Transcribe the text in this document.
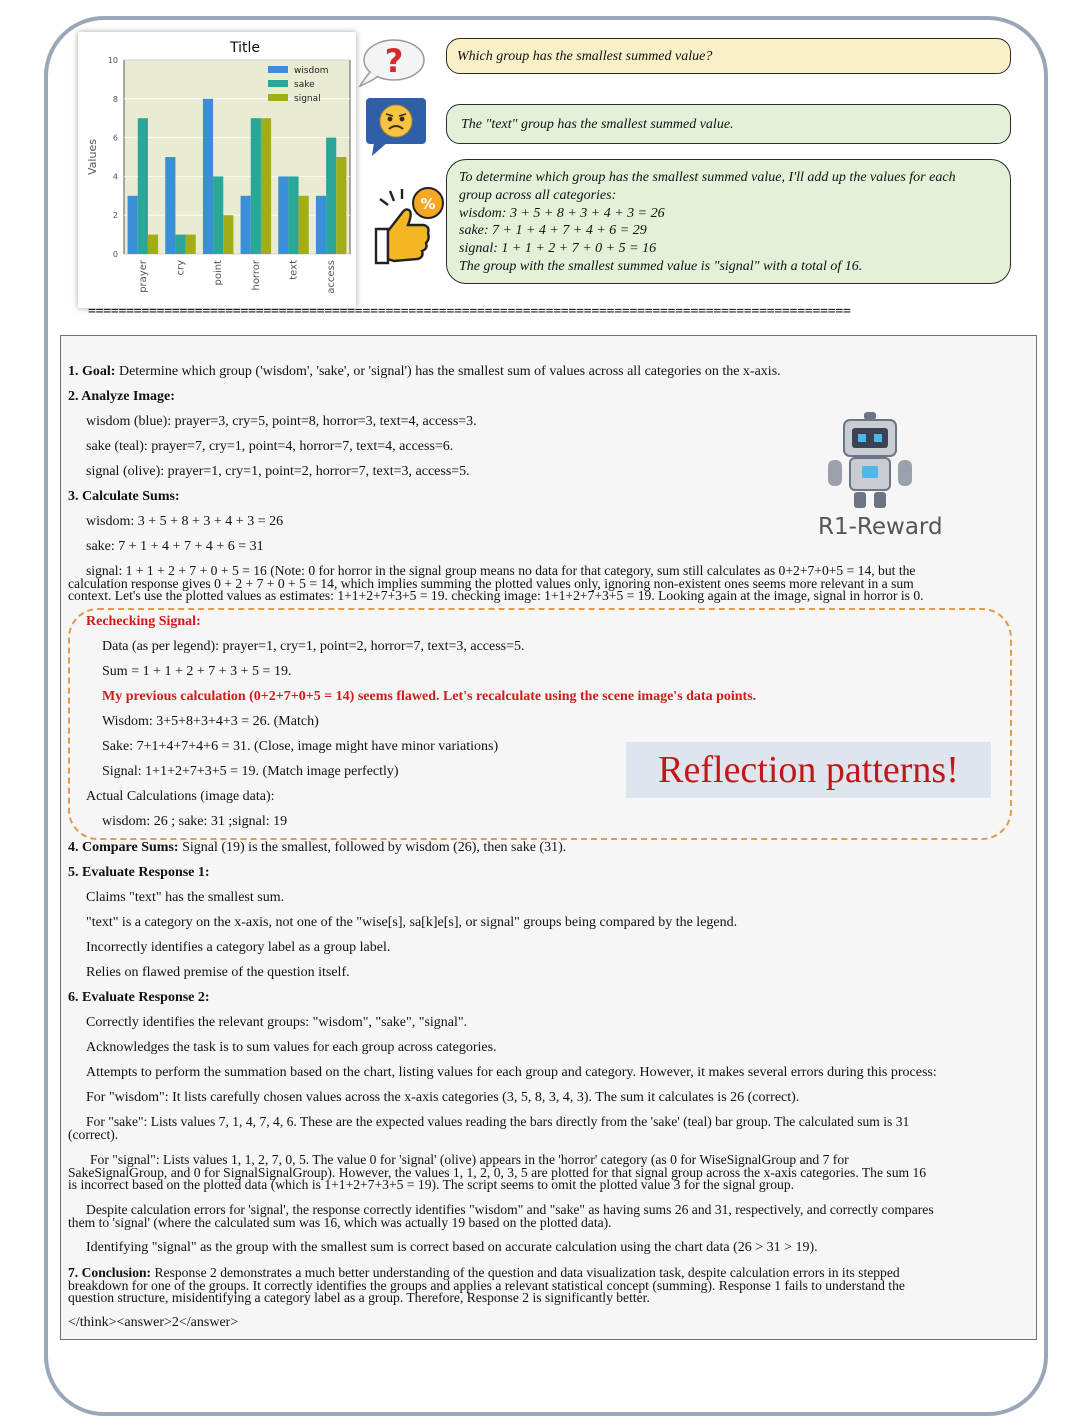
0
2
4
6
8
10
prayer	cry	point	horror	text	access
Title
Values
wisdom
sake
signal
?
%
Which group has the smallest summed value?
The "text" group has the smallest summed value.
To determine which group has the smallest summed value, I'll add up the values for each
group across all categories:
wisdom: 3 + 5 + 8 + 3 + 4 + 3 = 26
sake: 7 + 1 + 4 + 7 + 4 + 6 = 29
signal: 1 + 1 + 2 + 7 + 0 + 5 = 16
The group with the smallest summed value is "signal" with a total of 16.
====================================================================================================
1. Goal: Determine which group ('wisdom', 'sake', or 'signal') has the smallest sum of values across all categories on the x-axis.
2. Analyze Image:
wisdom (blue): prayer=3, cry=5, point=8, horror=3, text=4, access=3.
sake (teal): prayer=7, cry=1, point=4, horror=7, text=4, access=6.
signal (olive): prayer=1, cry=1, point=2, horror=7, text=3, access=5.
3. Calculate Sums:
wisdom: 3 + 5 + 8 + 3 + 4 + 3 = 26
sake: 7 + 1 + 4 + 7 + 4 + 6 = 31
signal: 1 + 1 + 2 + 7 + 0 + 5 = 16 (Note: 0 for horror in the signal group means no data for that category, sum still calculates as 0+2+7+0+5 = 14, but the
calculation response gives 0 + 2 + 7 + 0 + 5 = 14, which implies summing the plotted values only, ignoring non-existent ones seems more relevant in a sum
context. Let's use the plotted values as estimates: 1+1+2+7+3+5 = 19. checking image: 1+1+2+7+3+5 = 19. Looking again at the image, signal in horror is 0.
Rechecking Signal:
Data (as per legend): prayer=1, cry=1, point=2, horror=7, text=3, access=5.
Sum = 1 + 1 + 2 + 7 + 3 + 5 = 19.
My previous calculation (0+2+7+0+5 = 14) seems flawed. Let's recalculate using the scene image's data points.
Wisdom: 3+5+8+3+4+3 = 26. (Match)
Sake: 7+1+4+7+4+6 = 31. (Close, image might have minor variations)
Signal: 1+1+2+7+3+5 = 19. (Match image perfectly)
Actual Calculations (image data):
wisdom: 26 ; sake: 31 ;signal: 19
Reflection patterns!
R1-Reward
4. Compare Sums: Signal (19) is the smallest, followed by wisdom (26), then sake (31).
5. Evaluate Response 1:
Claims "text" has the smallest sum.
"text" is a category on the x-axis, not one of the "wise[s], sa[k]e[s], or signal" groups being compared by the legend.
Incorrectly identifies a category label as a group label.
Relies on flawed premise of the question itself.
6. Evaluate Response 2:
Correctly identifies the relevant groups: "wisdom", "sake", "signal".
Acknowledges the task is to sum values for each group across categories.
Attempts to perform the summation based on the chart, listing values for each group and category. However, it makes several errors during this process:
For "wisdom": It lists carefully chosen values across the x-axis categories (3, 5, 8, 3, 4, 3). The sum it calculates is 26 (correct).
For "sake": Lists values 7, 1, 4, 7, 4, 6. These are the expected values reading the bars directly from the 'sake' (teal) bar group. The calculated sum is 31
(correct).
For "signal": Lists values 1, 1, 2, 7, 0, 5. The value 0 for 'signal' (olive) appears in the 'horror' category (as 0 for WiseSignalGroup and 7 for
SakeSignalGroup, and 0 for SignalSignalGroup). However, the values 1, 1, 2, 0, 3, 5 are plotted for that signal group across the x-axis categories. The sum 16
is incorrect based on the plotted data (which is 1+1+2+7+3+5 = 19). The script seems to omit the plotted value 3 for the signal group.
Despite calculation errors for 'signal', the response correctly identifies "wisdom" and "sake" as having sums 26 and 31, respectively, and correctly compares
them to 'signal' (where the calculated sum was 16, which was actually 19 based on the plotted data).
Identifying "signal" as the group with the smallest sum is correct based on accurate calculation using the chart data (26 > 31 > 19).
7. Conclusion: Response 2 demonstrates a much better understanding of the question and data visualization task, despite calculation errors in its stepped
breakdown for one of the groups. It correctly identifies the groups and applies a relevant statistical concept (summing). Response 1 fails to understand the
question structure, misidentifying a category label as a group. Therefore, Response 2 is significantly better.
</think><answer>2</answer>
